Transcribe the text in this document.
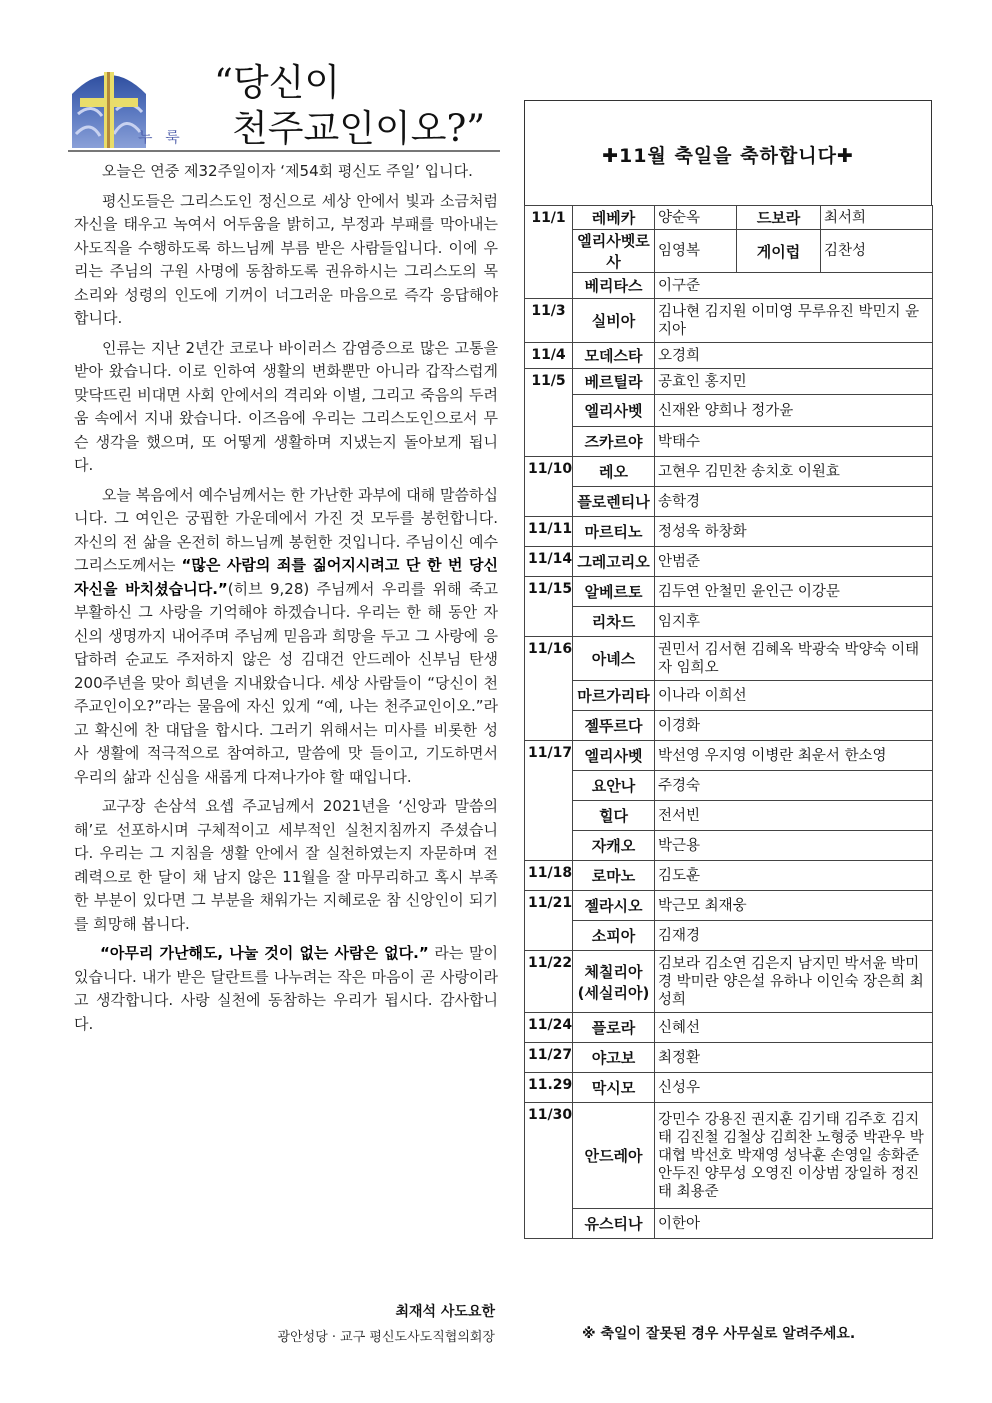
누 룩
“당신이
천주교인이오?”

오늘은 연중 제32주일이자 ‘제54회 평신도 주일’ 입니다.

평신도들은 그리스도인 정신으로 세상 안에서 빛과 소금처럼 자신을 태우고 녹여서 어두움을 밝히고, 부정과 부패를 막아내는 사도직을 수행하도록 하느님께 부름 받은 사람들입니다. 이에 우리는 주님의 구원 사명에 동참하도록 권유하시는 그리스도의 목소리와 성령의 인도에 기꺼이 너그러운 마음으로 즉각 응답해야 합니다.

인류는 지난 2년간 코로나 바이러스 감염증으로 많은 고통을 받아 왔습니다. 이로 인하여 생활의 변화뿐만 아니라 갑작스럽게 맞닥뜨린 비대면 사회 안에서의 격리와 이별, 그리고 죽음의 두려움 속에서 지내 왔습니다. 이즈음에 우리는 그리스도인으로서 무슨 생각을 했으며, 또 어떻게 생활하며 지냈는지 돌아보게 됩니다.

오늘 복음에서 예수님께서는 한 가난한 과부에 대해 말씀하십니다. 그 여인은 궁핍한 가운데에서 가진 것 모두를 봉헌합니다. 자신의 전 삶을 온전히 하느님께 봉헌한 것입니다. 주님이신 예수 그리스도께서는 “많은 사람의 죄를 짊어지시려고 단 한 번 당신 자신을 바치셨습니다.”(히브 9,28) 주님께서 우리를 위해 죽고 부활하신 그 사랑을 기억해야 하겠습니다. 우리는 한 해 동안 자신의 생명까지 내어주며 주님께 믿음과 희망을 두고 그 사랑에 응답하려 순교도 주저하지 않은 성 김대건 안드레아 신부님 탄생 200주년을 맞아 희년을 지내왔습니다. 세상 사람들이 “당신이 천주교인이오?”라는 물음에 자신 있게 “예, 나는 천주교인이오.”라고 확신에 찬 대답을 합시다. 그러기 위해서는 미사를 비롯한 성사 생활에 적극적으로 참여하고, 말씀에 맛 들이고, 기도하면서 우리의 삶과 신심을 새롭게 다져나가야 할 때입니다.

교구장 손삼석 요셉 주교님께서 2021년을 ‘신앙과 말씀의 해’로 선포하시며 구체적이고 세부적인 실천지침까지 주셨습니다. 우리는 그 지침을 생활 안에서 잘 실천하였는지 자문하며 전례력으로 한 달이 채 남지 않은 11월을 잘 마무리하고 혹시 부족한 부분이 있다면 그 부분을 채워가는 지혜로운 참 신앙인이 되기를 희망해 봅니다.

“아무리 가난해도, 나눌 것이 없는 사람은 없다.” 라는 말이 있습니다. 내가 받은 달란트를 나누려는 작은 마음이 곧 사랑이라고 생각합니다. 사랑 실천에 동참하는 우리가 됩시다. 감사합니다.

최재석 사도요한
광안성당 · 교구 평신도사도직협의회장
✚11월 축일을 축하합니다✚
11/1	레베카	양순옥	드보라	최서희
	엘리사벳로사	임영복	게이럽	김찬성
	베리타스	이구준		
11/3	실비아	김나현 김지원 이미영 무루유진 박민지 윤지아		
11/4	모데스타	오경희		
11/5	베르틸라	공효인 홍지민		
	엘리사벳	신재완 양희나 정가윤		
	즈카르야	박태수		
11/10	레오	고현우 김민찬 송치호 이원효		
	플로렌티나	송학경		
11/11	마르티노	정성욱 하창화		
11/14	그레고리오	안범준		
11/15	알베르토	김두연 안철민 윤인근 이강문		
	리차드	임지후		
11/16	아녜스	권민서 김서현 김혜옥 박광숙 박양숙 이태자 임희오		
	마르가리타	이나라 이희선		
	젤뚜르다	이경화		
11/17	엘리사벳	박선영 우지영 이병란 최운서 한소영		
	요안나	주경숙		
	힐다	전서빈		
	자캐오	박근용		
11/18	로마노	김도훈		
11/21	젤라시오	박근모 최재웅		
	소피아	김재경		
11/22	체칠리아 (세실리아)	김보라 김소연 김은지 남지민 박서윤 박미경 박미란 양은설 유하나 이인숙 장은희 최성희		
11/24	플로라	신혜선		
11/27	야고보	최정환		
11.29	막시모	신성우		
11/30	안드레아	강민수 강용진 권지훈 김기태 김주호 김지태 김진철 김철상 김희찬 노형중 박관우 박대협 박선호 박재영 성낙훈 손영일 송화준 안두진 양무성 오영진 이상범 장일하 정진태 최용준		
	유스티나	이한아		
※ 축일이 잘못된 경우 사무실로 알려주세요.
